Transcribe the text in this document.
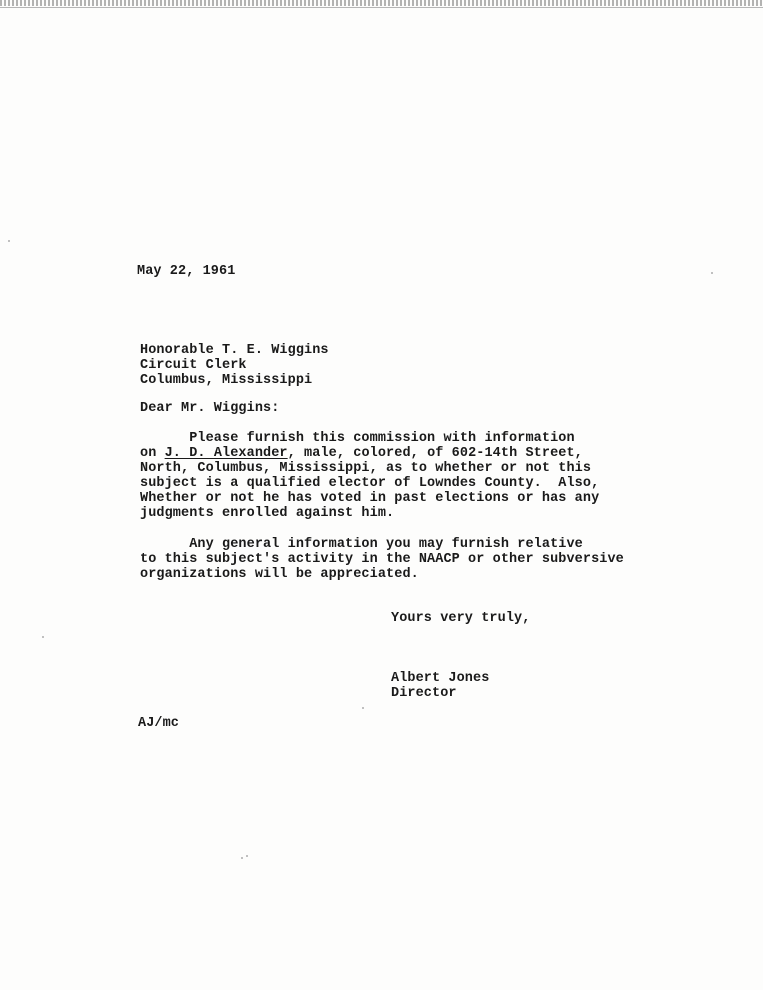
May 22, 1961
Honorable T. E. Wiggins
Circuit Clerk
Columbus, Mississippi
Dear Mr. Wiggins:
Please furnish this commission with information
on J. D. Alexander, male, colored, of 602-14th Street,
North, Columbus, Mississippi, as to whether or not this
subject is a qualified elector of Lowndes County.  Also,
Whether or not he has voted in past elections or has any
judgments enrolled against him.
Any general information you may furnish relative
to this subject's activity in the NAACP or other subversive
organizations will be appreciated.
Yours very truly,
Albert Jones
Director
AJ/mc
